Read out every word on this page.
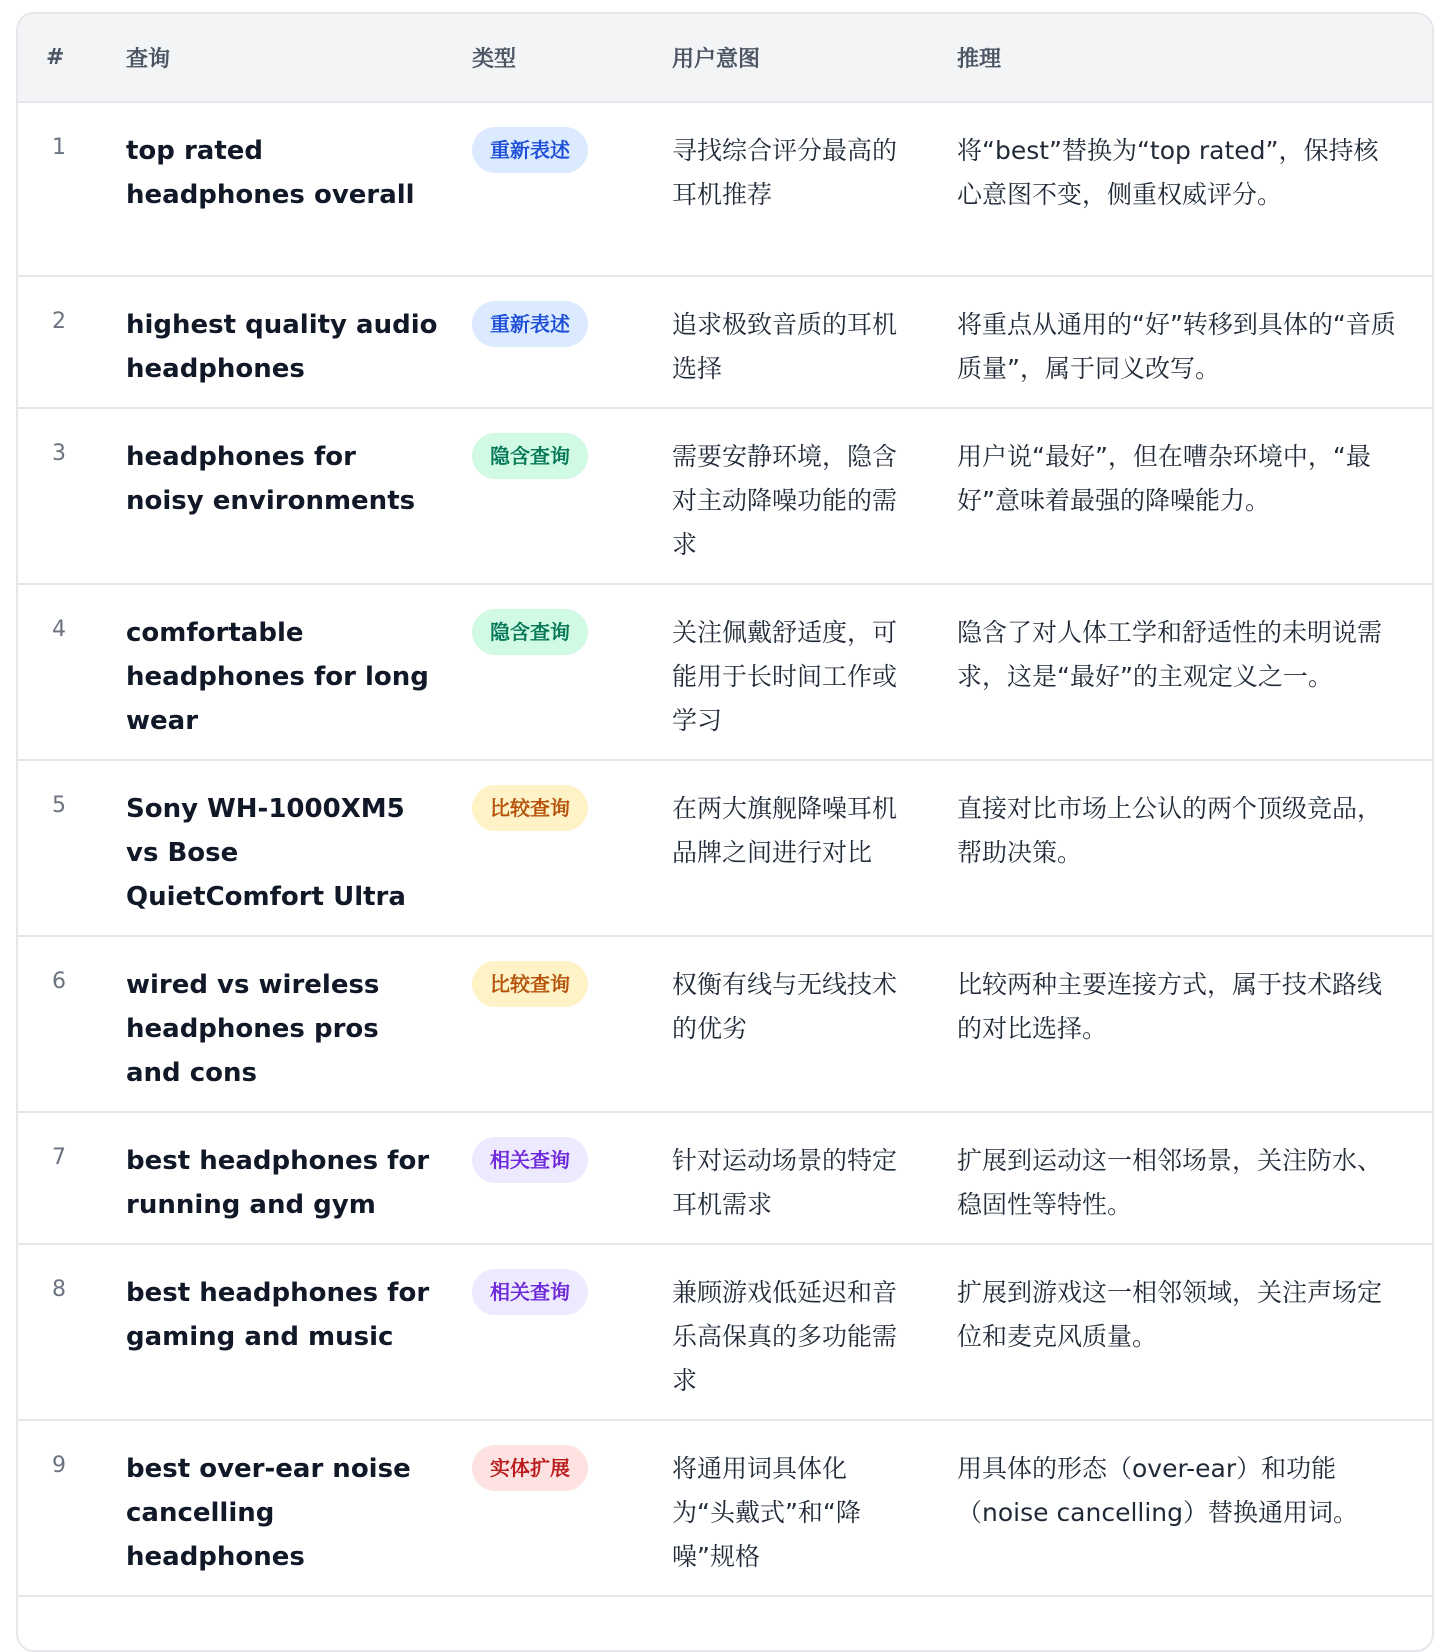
#	查询	类型	用户意图	推理
1	top rated headphones overall	重新表述	寻找综合评分最高的耳机推荐	将“best”替换为“top rated”，保持核心意图不变，侧重权威评分。
2	highest quality audio headphones	重新表述	追求极致音质的耳机选择	将重点从通用的“好”转移到具体的“音质质量”，属于同义改写。
3	headphones for noisy environments	隐含查询	需要安静环境，隐含对主动降噪功能的需求	用户说“最好”，但在嘈杂环境中，“最好”意味着最强的降噪能力。
4	comfortable headphones for long wear	隐含查询	关注佩戴舒适度，可能用于长时间工作或学习	隐含了对人体工学和舒适性的未明说需求，这是“最好”的主观定义之一。
5	Sony WH-1000XM5 vs Bose QuietComfort Ultra	比较查询	在两大旗舰降噪耳机品牌之间进行对比	直接对比市场上公认的两个顶级竞品，帮助决策。
6	wired vs wireless headphones pros and cons	比较查询	权衡有线与无线技术的优劣	比较两种主要连接方式，属于技术路线的对比选择。
7	best headphones for running and gym	相关查询	针对运动场景的特定耳机需求	扩展到运动这一相邻场景，关注防水、稳固性等特性。
8	best headphones for gaming and music	相关查询	兼顾游戏低延迟和音乐高保真的多功能需求	扩展到游戏这一相邻领域，关注声场定位和麦克风质量。
9	best over-ear noise cancelling headphones	实体扩展	将通用词具体化为“头戴式”和“降噪”规格	用具体的形态（over-ear）和功能（noise cancelling）替换通用词。
